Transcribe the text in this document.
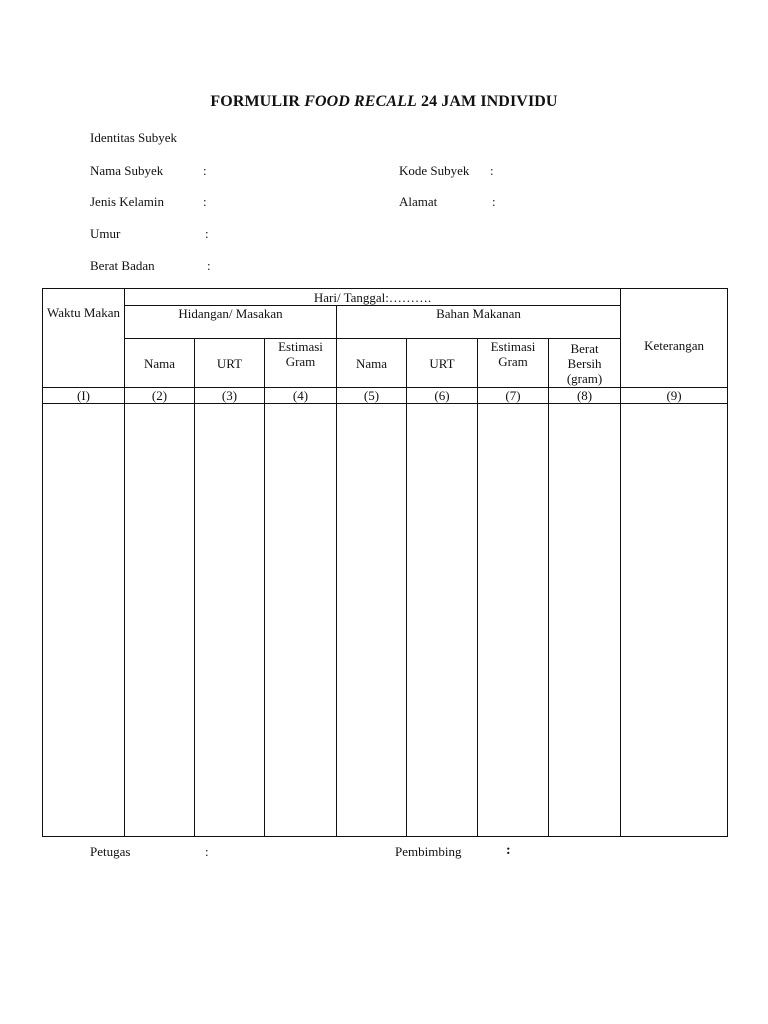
FORMULIR FOOD RECALL 24 JAM INDIVIDU
Identitas Subyek
Nama Subyek	:	Kode Subyek :
Jenis Kelamin	:	Alamat	:
Umur	:
Berat Badan	:
Waktu Makan	Hari/ Tanggal:……….							Keterangan
	Hidangan/ Masakan			Bahan Makanan				
	Nama	URT	Estimasi Gram	Nama	URT	Estimasi Gram	Berat Bersih (gram)	
(I)	(2)	(3)	(4)	(5)	(6)	(7)	(8)	(9)

Petugas	:	Pembimbing	:
